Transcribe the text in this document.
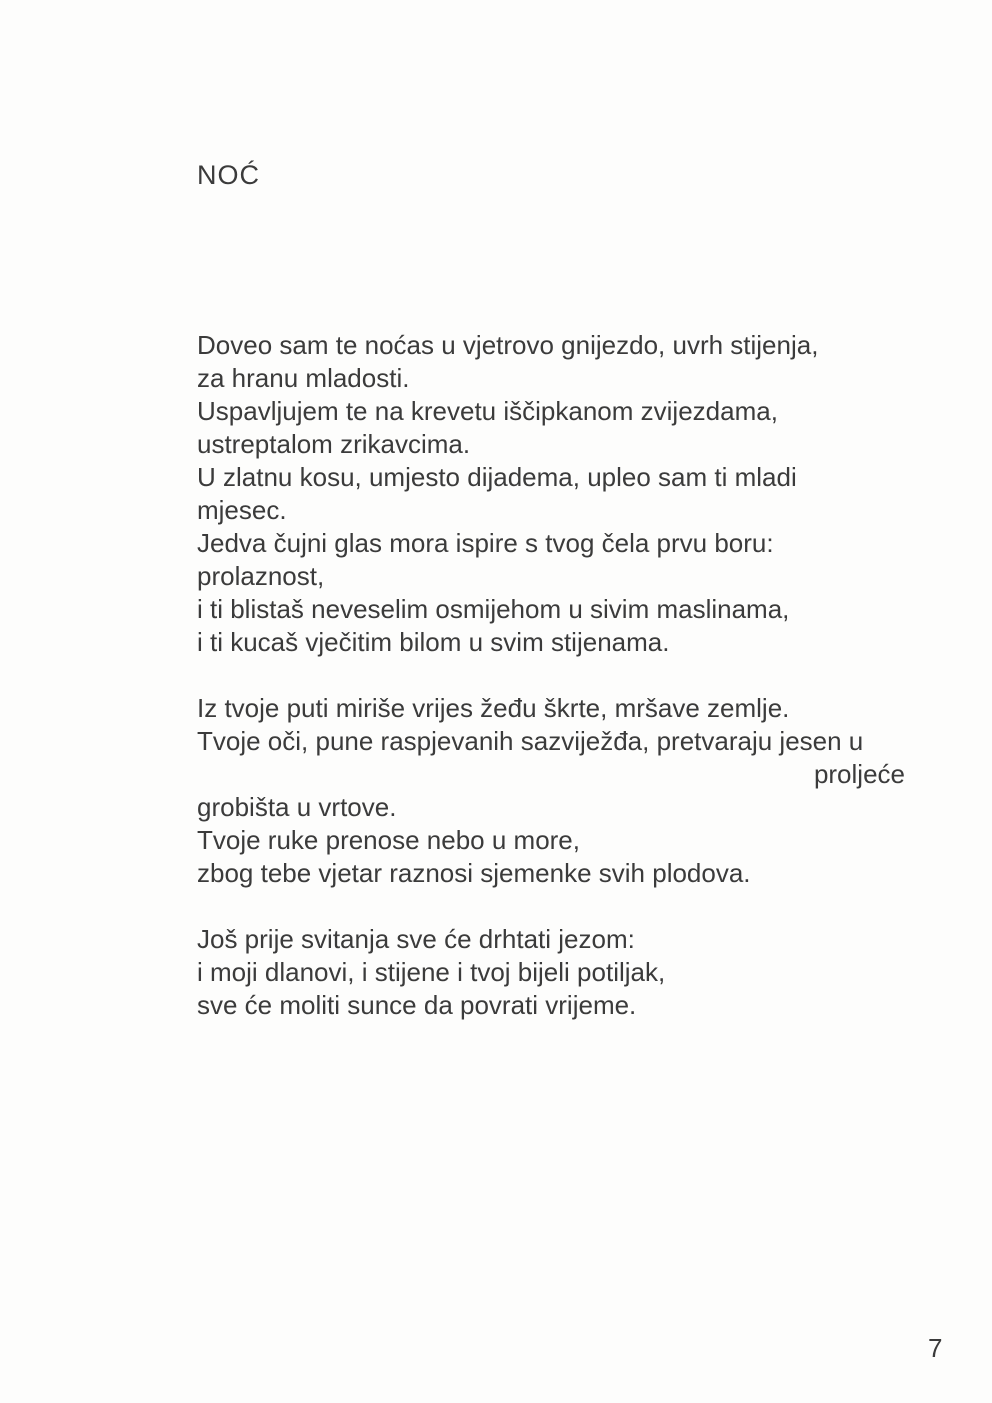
NOĆ
Doveo sam te noćas u vjetrovo gnijezdo, uvrh stijenja,
za hranu mladosti.
Uspavljujem te na krevetu iščipkanom zvijezdama,
ustreptalom zrikavcima.
U zlatnu kosu, umjesto dijadema, upleo sam ti mladi
mjesec.
Jedva čujni glas mora ispire s tvog čela prvu boru:
prolaznost,
i ti blistaš neveselim osmijehom u sivim maslinama,
i ti kucaš vječitim bilom u svim stijenama.

Iz tvoje puti miriše vrijes žeđu škrte, mršave zemlje.
Tvoje oči, pune raspjevanih sazviježđa, pretvaraju jesen u
proljeće
grobišta u vrtove.
Tvoje ruke prenose nebo u more,
zbog tebe vjetar raznosi sjemenke svih plodova.

Još prije svitanja sve će drhtati jezom:
i moji dlanovi, i stijene i tvoj bijeli potiljak,
sve će moliti sunce da povrati vrijeme.
7
